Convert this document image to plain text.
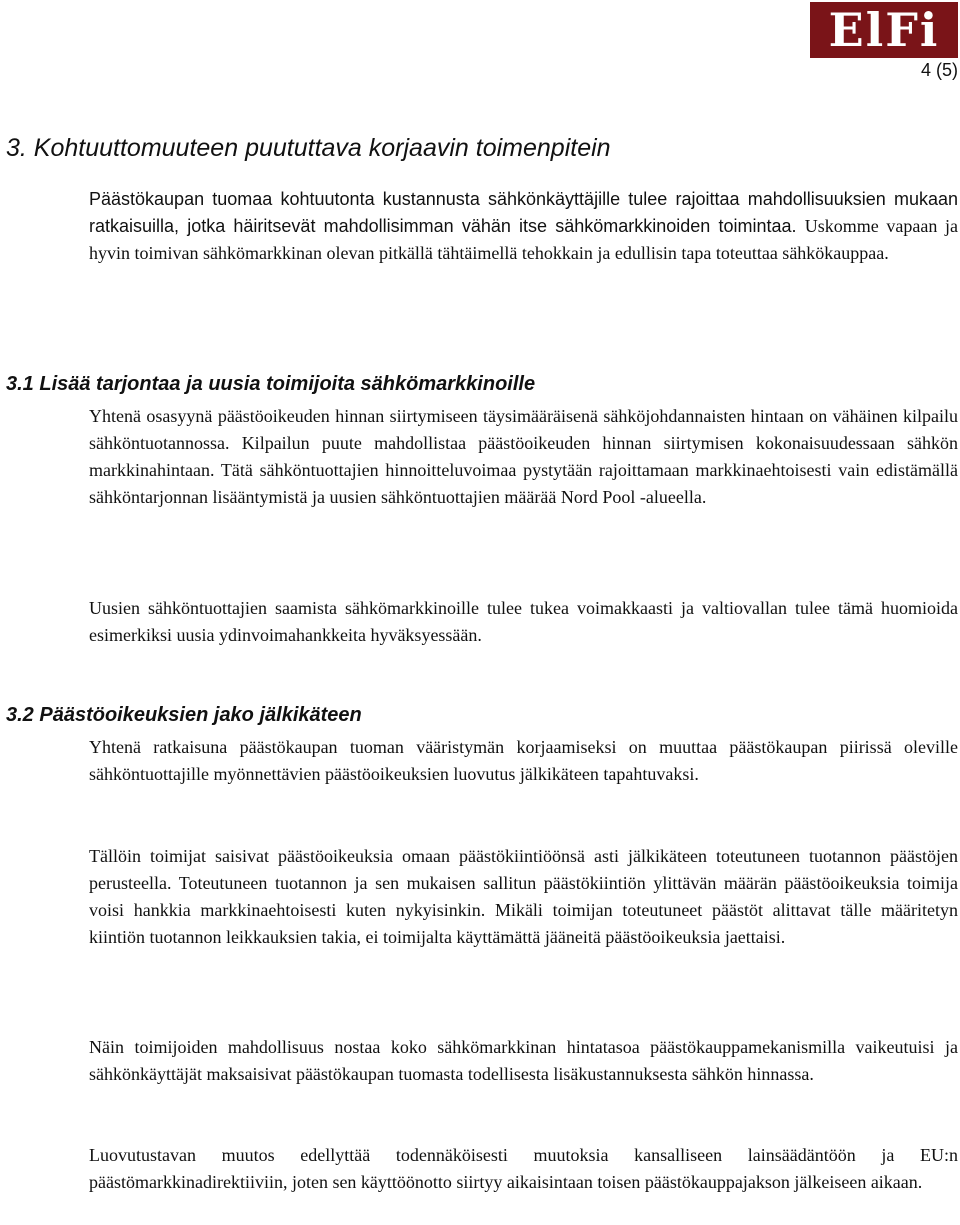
ElFi
4 (5)
3. Kohtuuttomuuteen puututtava korjaavin toimenpitein

Päästökaupan tuomaa kohtuutonta kustannusta sähkönkäyttäjille tulee rajoittaa mahdollisuuksien mukaan ratkaisuilla, jotka häiritsevät mahdollisimman vähän itse sähkömarkkinoiden toimintaa. Uskomme vapaan ja hyvin toimivan sähkömarkkinan olevan pitkällä tähtäimellä tehokkain ja edullisin tapa toteuttaa sähkökauppaa.

3.1 Lisää tarjontaa ja uusia toimijoita sähkömarkkinoille

Yhtenä osasyynä päästöoikeuden hinnan siirtymiseen täysimääräisenä sähköjohdannaisten hintaan on vähäinen kilpailu sähköntuotannossa. Kilpailun puute mahdollistaa päästöoikeuden hinnan siirtymisen kokonaisuudessaan sähkön markkinahintaan. Tätä sähköntuottajien hinnoitteluvoimaa pystytään rajoittamaan markkinaehtoisesti vain edistämällä sähköntarjonnan lisääntymistä ja uusien sähköntuottajien määrää Nord Pool -alueella.

Uusien sähköntuottajien saamista sähkömarkkinoille tulee tukea voimakkaasti ja valtiovallan tulee tämä huomioida esimerkiksi uusia ydinvoimahankkeita hyväksyessään.

3.2 Päästöoikeuksien jako jälkikäteen

Yhtenä ratkaisuna päästökaupan tuoman vääristymän korjaamiseksi on muuttaa päästökaupan piirissä oleville sähköntuottajille myönnettävien päästöoikeuksien luovutus jälkikäteen tapahtuvaksi.

Tällöin toimijat saisivat päästöoikeuksia omaan päästökiintiöönsä asti jälkikäteen toteutuneen tuotannon päästöjen perusteella. Toteutuneen tuotannon ja sen mukaisen sallitun päästökiintiön ylittävän määrän päästöoikeuksia toimija voisi hankkia markkinaehtoisesti kuten nykyisinkin. Mikäli toimijan toteutuneet päästöt alittavat tälle määritetyn kiintiön tuotannon leikkauksien takia, ei toimijalta käyttämättä jääneitä päästöoikeuksia jaettaisi.

Näin toimijoiden mahdollisuus nostaa koko sähkömarkkinan hintatasoa päästökauppamekanismilla vaikeutuisi ja sähkönkäyttäjät maksaisivat päästökaupan tuomasta todellisesta lisäkustannuksesta sähkön hinnassa.

Luovutustavan muutos edellyttää todennäköisesti muutoksia kansalliseen lainsäädäntöön ja EU:n päästömarkkinadirektiiviin, joten sen käyttöönotto siirtyy aikaisintaan toisen päästökauppajakson jälkeiseen aikaan.
